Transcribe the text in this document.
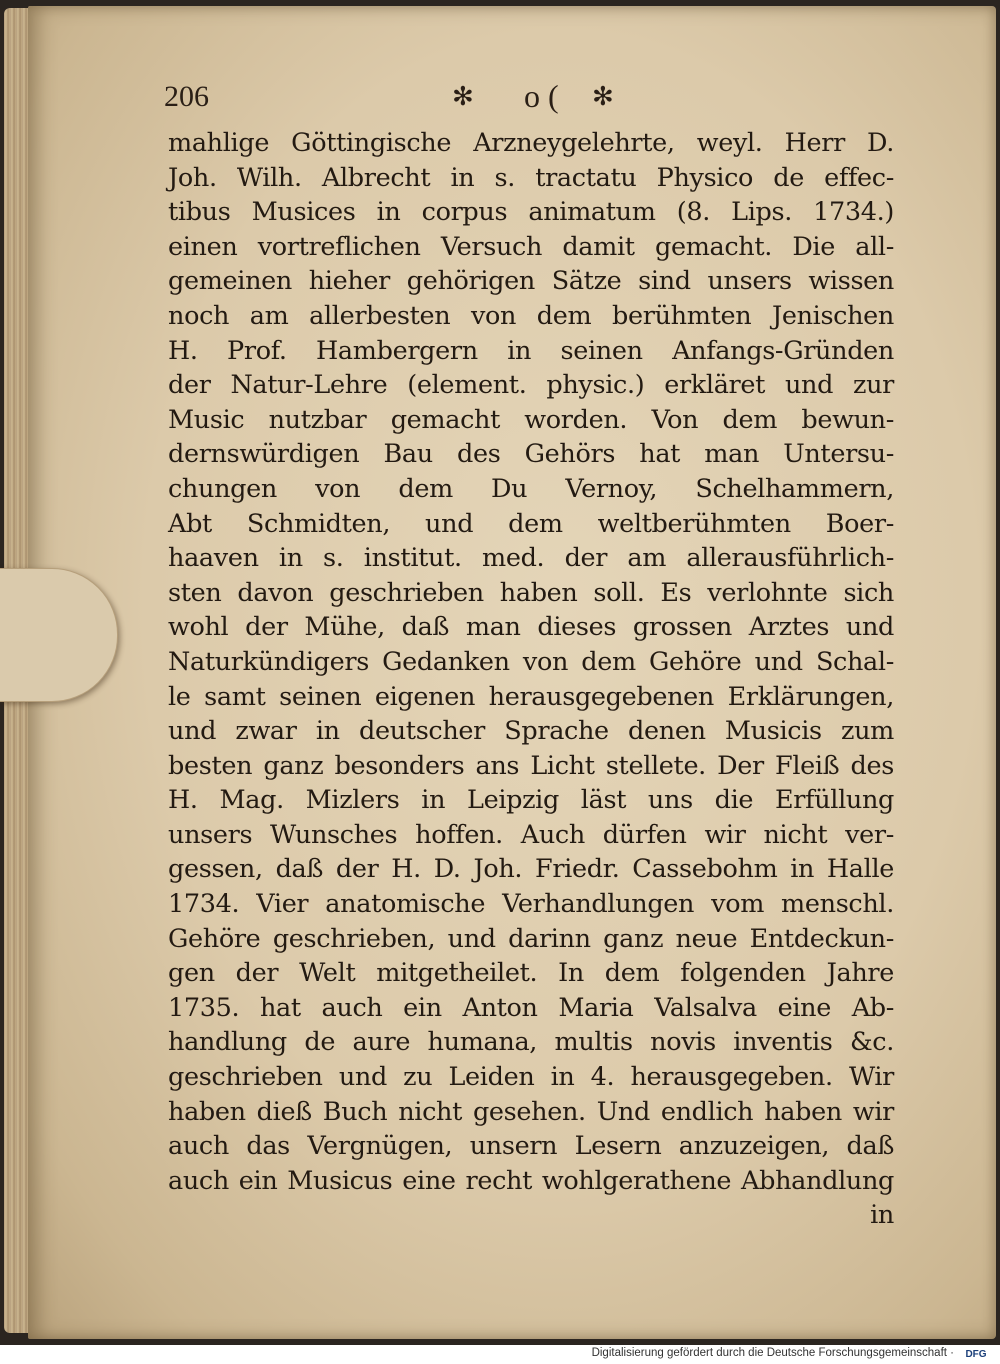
206	✻ o ( ✻
mahlige Göttingische Arzneygelehrte, weyl. Herr D.
Joh. Wilh. Albrecht in s. tractatu Physico de effec-
tibus Musices in corpus animatum (8. Lips. 1734.)
einen vortreflichen Versuch damit gemacht. Die all-
gemeinen hieher gehörigen Sätze sind unsers wissen
noch am allerbesten von dem berühmten Jenischen
H. Prof. Hambergern in seinen Anfangs-Gründen
der Natur-Lehre (element. physic.) erkläret und zur
Music nutzbar gemacht worden. Von dem bewun-
dernswürdigen Bau des Gehörs hat man Untersu-
chungen von dem Du Vernoy, Schelhammern,
Abt Schmidten, und dem weltberühmten Boer-
haaven in s. institut. med. der am allerausführlich-
sten davon geschrieben haben soll. Es verlohnte sich
wohl der Mühe, daß man dieses grossen Arztes und
Naturkündigers Gedanken von dem Gehöre und Schal-
le samt seinen eigenen herausgegebenen Erklärungen,
und zwar in deutscher Sprache denen Musicis zum
besten ganz besonders ans Licht stellete. Der Fleiß des
H. Mag. Mizlers in Leipzig läst uns die Erfüllung
unsers Wunsches hoffen. Auch dürfen wir nicht ver-
gessen, daß der H. D. Joh. Friedr. Cassebohm in Halle
1734. Vier anatomische Verhandlungen vom menschl.
Gehöre geschrieben, und darinn ganz neue Entdeckun-
gen der Welt mitgetheilet. In dem folgenden Jahre
1735. hat auch ein Anton Maria Valsalva eine Ab-
handlung de aure humana, multis novis inventis &c.
geschrieben und zu Leiden in 4. herausgegeben. Wir
haben dieß Buch nicht gesehen. Und endlich haben wir
auch das Vergnügen, unsern Lesern anzuzeigen, daß
auch ein Musicus eine recht wohlgerathene Abhandlung
in
Digitalisierung gefördert durch die Deutsche Forschungsgemeinschaft ·	DFG
